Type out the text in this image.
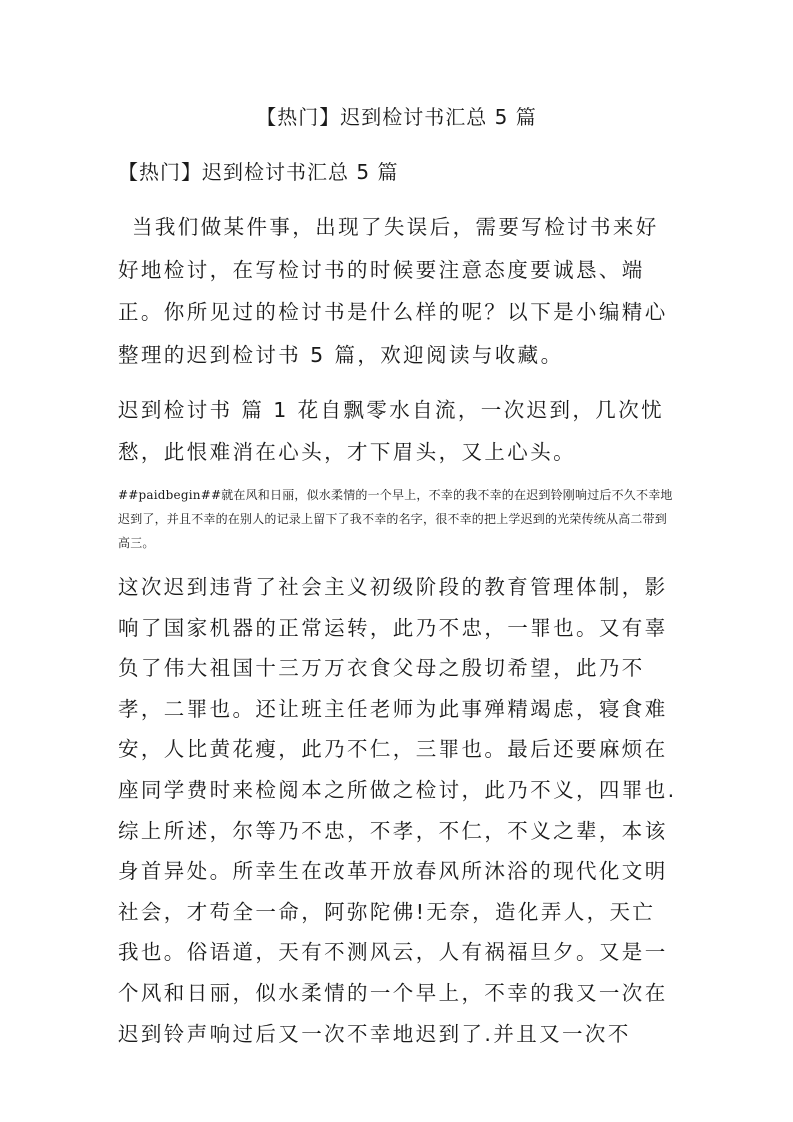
【热门】迟到检讨书汇总 5 篇
【热门】迟到检讨书汇总 5 篇

当我们做某件事，出现了失误后，需要写检讨书来好好地检讨，在写检讨书的时候要注意态度要诚恳、端正。你所见过的检讨书是什么样的呢？以下是小编精心整理的迟到检讨书 5 篇，欢迎阅读与收藏。

迟到检讨书 篇 1 花自飘零水自流，一次迟到，几次忧愁，此恨难消在心头，才下眉头，又上心头。

##paidbegin##就在风和日丽，似水柔情的一个早上，不幸的我不幸的在迟到铃刚响过后不久不幸地迟到了，并且不幸的在别人的记录上留下了我不幸的名字，很不幸的把上学迟到的光荣传统从高二带到高三。

这次迟到违背了社会主义初级阶段的教育管理体制，影响了国家机器的正常运转，此乃不忠，一罪也。又有辜负了伟大祖国十三万万衣食父母之殷切希望，此乃不孝，二罪也。还让班主任老师为此事殚精竭虑，寝食难安，人比黄花瘦，此乃不仁，三罪也。最后还要麻烦在座同学费时来检阅本之所做之检讨，此乃不义，四罪也. 综上所述，尔等乃不忠，不孝，不仁，不义之辈，本该身首异处。所幸生在改革开放春风所沐浴的现代化文明社会，才苟全一命，阿弥陀佛!无奈，造化弄人，天亡我也。俗语道，天有不测风云，人有祸福旦夕。又是一个风和日丽，似水柔情的一个早上，不幸的我又一次在迟到铃声响过后又一次不幸地迟到了.并且又一次不
